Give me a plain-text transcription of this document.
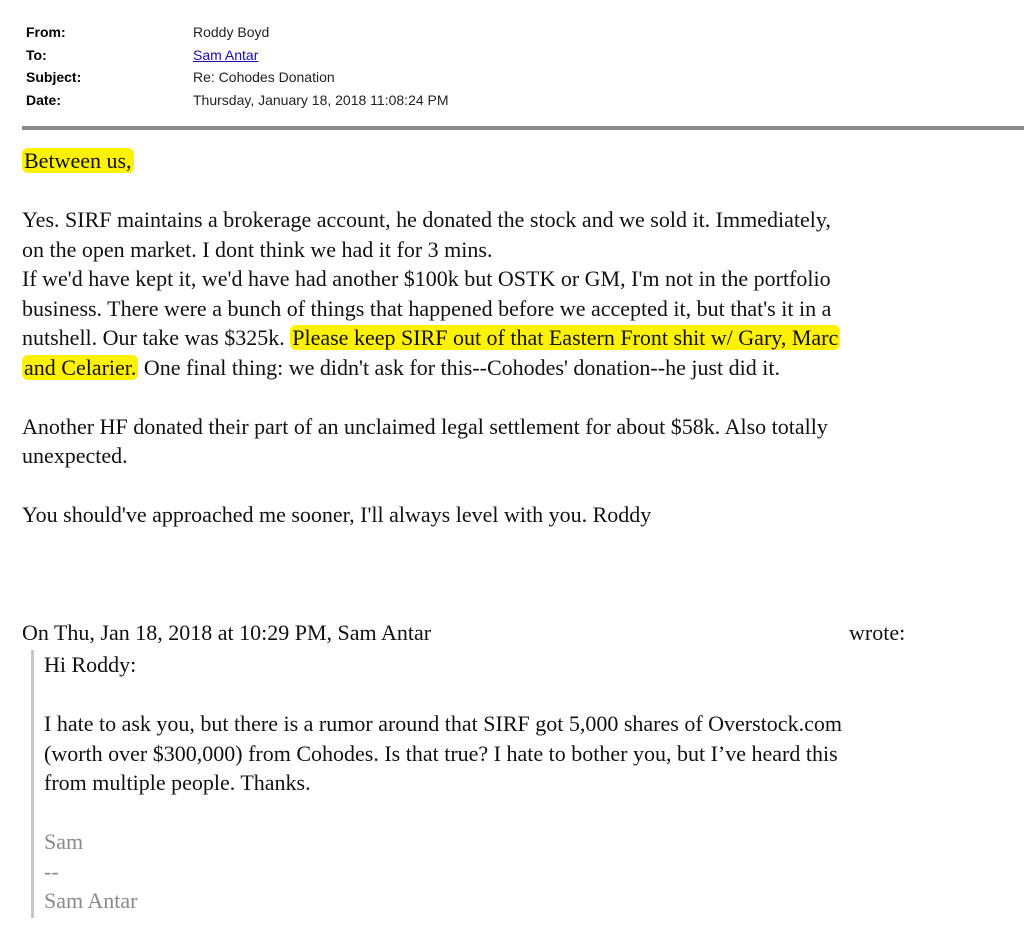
From:	Roddy Boyd
To:	Sam Antar
Subject:	Re: Cohodes Donation
Date:	Thursday, January 18, 2018 11:08:24 PM
Between us,
Yes. SIRF maintains a brokerage account, he donated the stock and we sold it. Immediately,
on the open market. I dont think we had it for 3 mins.
If we'd have kept it, we'd have had another $100k but OSTK or GM, I'm not in the portfolio
business. There were a bunch of things that happened before we accepted it, but that's it in a
nutshell. Our take was $325k. Please keep SIRF out of that Eastern Front shit w/ Gary, Marc
and Celarier. One final thing: we didn't ask for this--Cohodes' donation--he just did it.
Another HF donated their part of an unclaimed legal settlement for about $58k. Also totally
unexpected.
You should've approached me sooner, I'll always level with you. Roddy
On Thu, Jan 18, 2018 at 10:29 PM, Sam Antar	wrote:
Hi Roddy:
I hate to ask you, but there is a rumor around that SIRF got 5,000 shares of Overstock.com
(worth over $300,000) from Cohodes. Is that true? I hate to bother you, but I’ve heard this
from multiple people. Thanks.
Sam
--
Sam Antar
